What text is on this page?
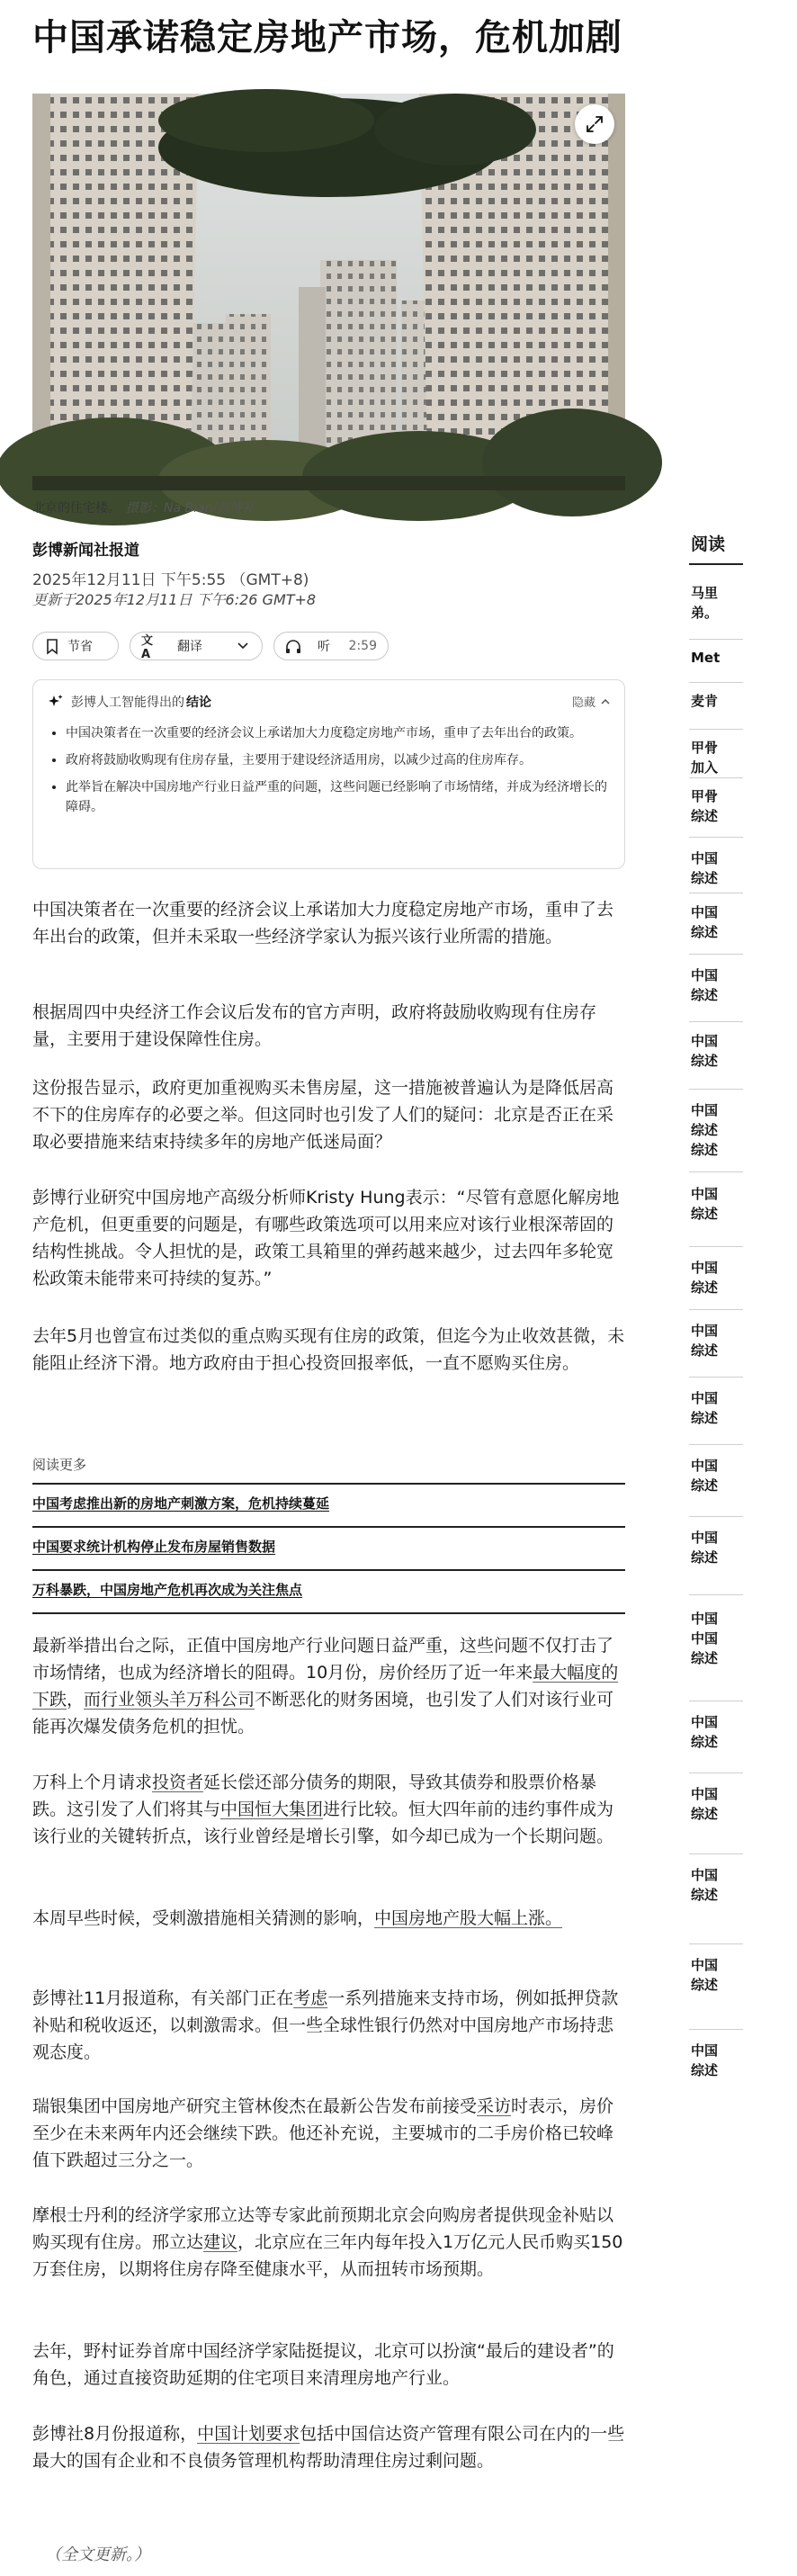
中国承诺稳定房地产市场，危机加剧
北京的住宅楼。 摄影：Na Bian/彭博社
彭博新闻社报道
2025年12月11日 下午5:55 （GMT+8)
更新于2025年12月11日 下午6:26 GMT+8
节省	文A
翻译	听 2:59
彭博人工智能得出的 结论	隐藏
• 中国决策者在一次重要的经济会议上承诺加大力度稳定房地产市场，重申了去年出台的政策。
• 政府将鼓励收购现有住房存量，主要用于建设经济适用房，以减少过高的住房库存。
• 此举旨在解决中国房地产行业日益严重的问题，这些问题已经影响了市场情绪，并成为经济增长的障碍。

中国决策者在一次重要的经济会议上承诺加大力度稳定房地产市场，重申了去年出台的政策，但并未采取一些经济学家认为振兴该行业所需的措施。

根据周四中央经济工作会议后发布的官方声明，政府将鼓励收购现有住房存量，主要用于建设保障性住房。

这份报告显示，政府更加重视购买未售房屋，这一措施被普遍认为是降低居高不下的住房库存的必要之举。但这同时也引发了人们的疑问：北京是否正在采取必要措施来结束持续多年的房地产低迷局面？

彭博行业研究中国房地产高级分析师Kristy Hung表示：“尽管有意愿化解房地产危机，但更重要的问题是，有哪些政策选项可以用来应对该行业根深蒂固的结构性挑战。令人担忧的是，政策工具箱里的弹药越来越少，过去四年多轮宽松政策未能带来可持续的复苏。”

去年5月也曾宣布过类似的重点购买现有住房的政策，但迄今为止收效甚微，未能阻止经济下滑。地方政府由于担心投资回报率低，一直不愿购买住房。

阅读更多
中国考虑推出新的房地产刺激方案，危机持续蔓延
中国要求统计机构停止发布房屋销售数据
万科暴跌，中国房地产危机再次成为关注焦点

最新举措出台之际，正值中国房地产行业问题日益严重，这些问题不仅打击了市场情绪，也成为经济增长的阻碍。10月份，房价经历了近一年来最大幅度的下跌，而行业领头羊万科公司不断恶化的财务困境，也引发了人们对该行业可能再次爆发债务危机的担忧。

万科上个月请求投资者延长偿还部分债务的期限，导致其债券和股票价格暴跌。这引发了人们将其与中国恒大集团进行比较。恒大四年前的违约事件成为该行业的关键转折点，该行业曾经是增长引擎，如今却已成为一个长期问题。

本周早些时候，受刺激措施相关猜测的影响，中国房地产股大幅上涨。

彭博社11月报道称，有关部门正在考虑一系列措施来支持市场，例如抵押贷款补贴和税收返还，以刺激需求。但一些全球性银行仍然对中国房地产市场持悲观态度。

瑞银集团中国房地产研究主管林俊杰在最新公告发布前接受采访时表示，房价至少在未来两年内还会继续下跌。他还补充说，主要城市的二手房价格已较峰值下跌超过三分之一。

摩根士丹利的经济学家邢立达等专家此前预期北京会向购房者提供现金补贴以购买现有住房。邢立达建议，北京应在三年内每年投入1万亿元人民币购买150万套住房，以期将住房存降至健康水平，从而扭转市场预期。

去年，野村证券首席中国经济学家陆挺提议，北京可以扮演“最后的建设者”的角色，通过直接资助延期的住宅项目来清理房地产行业。

彭博社8月份报道称，中国计划要求包括中国信达资产管理有限公司在内的一些最大的国有企业和不良债务管理机构帮助清理住房过剩问题。

（全文更新。）
阅读
马里
弟。
Met
麦肯
甲骨
加入
甲骨
综述
中国
综述
中国
综述
中国
综述
中国
综述
中国
综述
综述
中国
综述
中国
综述
中国
综述
中国
综述
中国
综述
中国
综述
中国
中国
综述
中国
综述
中国
综述
中国
综述
中国
综述
中国
综述
